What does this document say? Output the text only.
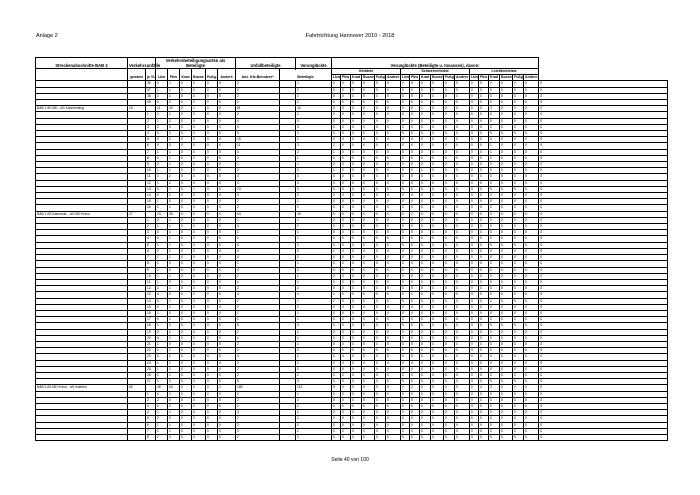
Anlage 2	Fahrtrichtung Hannover 2010 - 2018
Streckenabschnitte BAB 2	Verkehrsunfälle		Verkehrsbeteiligungsarten als Beteiligte						Unfallbeteiligte		Verunglückte	Verunglückte (Beteiligte u. Insassen), davon:																		

	gesamt	je VU	Lkw	Pkw	Krad	Busse	Fußg.	Andere	Anz. Kfz-Benutzer*	Beteiligte		Getötete						Schwerverletzte						Leichtverletzte						
												Lkw	Pkw	Krad	Busse	Fußg.	Andere	Lkw	Pkw	Krad	Busse	Fußg.	Andere	Lkw	Pkw	Krad	Busse	Fußg.	Andere	
		36	0	1	0	0	0	0	2		1	0	0	0	0	0	0	0	0	0	0	0	0	0	0	0	0	0	0	0
		37	1	1	0	0	0	0	2		2	0	0	0	0	0	0	0	0	0	0	0	0	0	0	0	0	0	0	0
		38	1	1	0	0	0	0	2		2	0	0	0	0	0	0	0	0	0	0	0	0	0	0	0	0	0	0	0
		39	0	2	0	0	0	0	2		2	0	0	0	0	0	0	0	0	0	0	0	0	0	0	0	0	0	0	0
BAB 2 AS MD - AS Kannenstieg	15		11	20	0	1	0	0	81		32	5	0	0	0	0	0	0	0	1	0	0	0	0	0	4	0	0	0	0
		1	1	1	0	0	0	0	2		2	0	0	0	0	0	0	0	0	0	0	0	0	0	0	0	0	0	0	0
		2	1	2	0	0	0	0	4		3	0	0	0	0	0	0	0	0	0	0	0	0	0	0	0	0	0	0	0
		3	2	0	0	0	0	0	4		3	0	0	0	0	0	0	0	0	0	0	0	0	0	0	0	0	0	0	0
		4	0	2	0	0	0	0	3		2	0	0	0	0	0	0	0	0	0	0	0	0	0	0	0	0	0	0	0
		5	0	2	0	0	0	0	15		2	0	0	0	0	0	0	0	0	0	0	0	0	0	0	0	0	0	0	0
		6	0	3	0	0	0	0	11		3	2	0	0	0	0	0	0	0	0	0	0	0	0	0	1	0	0	0	0
		7	1	1	0	0	0	0	3		2	1	0	0	0	0	0	0	0	0	0	0	0	0	0	1	0	0	0	0
		8	0	1	0	0	0	0	2		1	0	0	0	0	0	0	0	0	0	0	0	0	0	0	0	0	0	0	0
		9	0	1	0	0	0	0	1		1	0	0	0	0	0	0	0	0	0	0	0	0	0	0	0	0	0	0	0
		10	1	1	0	0	0	0	2		2	1	0	0	0	0	0	0	0	1	0	0	0	0	0	0	0	0	0	0
		11	1	2	0	0	0	0	4		3	0	0	0	0	0	0	0	0	0	0	0	0	0	0	0	0	0	0	0
		12	1	2	0	0	0	0	4		3	0	0	0	0	0	0	0	0	0	0	0	0	0	0	0	0	0	0	0
		13	0	1	0	1	0	0	23		2	0	0	0	0	0	0	0	0	0	0	0	0	0	0	0	0	0	0	0
		14	0	2	0	0	0	0	3		2	2	0	0	0	0	0	0	0	0	0	0	0	0	0	2	0	0	0	0
		15	1	0	0	0	0	0	2		1	0	0	0	0	0	0	0	0	0	0	0	0	0	0	0	0	0	0	0
		16	1	1	0	0	0	0	2		2	0	0	0	0	0	0	0	0	0	0	0	0	0	0	0	0	0	0	0
BAB 2 AS Kannenst. - AS MD Kreuz	27		23	26	0	0	0	0	64		49	5	0	0	0	0	0	0	2	0	0	0	0	0	0	3	0	0	0	0
		1	0	1	0	0	0	0	1		1	0	0	0	0	0	0	0	0	0	0	0	0	0	0	0	0	0	0	0
		2	1	1	0	0	0	0	3		2	0	0	0	0	0	0	0	0	0	0	0	0	0	0	0	0	0	0	0
		3	0	1	0	0	0	0	1		1	0	0	0	0	0	0	0	0	0	0	0	0	0	0	0	0	0	0	0
		4	0	1	0	0	0	0	1		1	0	0	0	0	0	0	0	0	0	0	0	0	0	0	0	0	0	0	0
		5	1	1	0	0	0	0	4		2	0	0	0	0	0	0	0	0	0	0	0	0	0	0	0	0	0	0	0
		6	2	1	0	0	0	0	4		3	1	0	0	0	0	0	0	1	0	0	0	0	0	0	0	0	0	0	0
		7	1	1	0	0	0	0	4		2	0	0	0	0	0	0	0	0	0	0	0	0	0	0	0	0	0	0	0
		8	1	0	0	0	0	0	1		1	0	0	0	0	0	0	0	0	0	0	0	0	0	0	0	0	0	0	0
		9	2	0	0	0	0	0	4		2	0	0	0	0	0	0	0	0	0	0	0	0	0	0	0	0	0	0	0
		10	1	1	0	0	0	0	2		2	0	0	0	0	0	0	0	0	0	0	0	0	0	0	0	0	0	0	0
		11	1	0	0	0	0	0	1		1	0	0	0	0	0	0	0	0	0	0	0	0	0	0	0	0	0	0	0
		12	1	1	0	0	0	0	2		2	0	0	0	0	0	0	0	0	0	0	0	0	0	0	0	0	0	0	0
		13	4	0	0	0	0	0	4		4	1	0	0	0	0	0	0	1	0	0	0	0	0	0	0	0	0	0	0
		14	0	1	0	0	0	0	2		1	2	0	0	0	0	0	0	0	0	0	0	0	0	0	2	0	0	0	0
		15	0	2	0	0	0	0	2		2	0	0	0	0	0	0	0	0	0	0	0	0	0	0	0	0	0	0	0
		16	1	0	0	0	0	0	1		1	0	0	0	0	0	0	0	0	0	0	0	0	0	0	0	0	0	0	0
		17	0	1	0	0	0	0	1		1	0	0	0	0	0	0	0	0	0	0	0	0	0	0	0	0	0	0	0
		18	1	2	0	0	0	0	5		3	0	0	0	0	0	0	0	0	0	0	0	0	0	0	0	0	0	0	0
		19	0	2	0	0	0	0	2		2	0	0	0	0	0	0	0	0	0	0	0	0	0	0	0	0	0	0	0
		20	0	1	0	0	0	0	1		1	0	0	0	0	0	0	0	0	0	0	0	0	0	0	0	0	0	0	0
		21	1	0	0	0	0	0	2		1	0	0	0	0	0	0	0	0	0	0	0	0	0	0	0	0	0	0	0
		22	1	1	0	0	0	0	2		2	0	0	0	0	0	0	0	0	0	0	0	0	0	0	0	0	0	0	0
		23	0	2	0	0	0	0	4		2	0	0	0	0	0	0	0	0	0	0	0	0	0	0	0	0	0	0	0
		24	1	1	0	0	0	0	2		2	0	0	0	0	0	0	0	0	0	0	0	0	0	0	0	0	0	0	0
		25	1	1	0	0	0	0	2		2	0	0	0	0	0	0	0	0	0	0	0	0	0	0	0	0	0	0	0
		26	1	1	0	0	0	0	2		2	0	0	0	0	0	0	0	0	0	0	0	0	0	0	0	0	0	0	0
		27	1	2	0	0	0	0	5		3	0	0	0	0	0	0	0	0	0	0	0	0	0	0	0	0	0	0	0
BAB 2 AS MD Kreuz - AS Irxleben	62		48	64	0	0	0	1	185		113	9	0	0	0	0	0	0	2	0	0	0	0	0	4	3	0	0	0	0
		1	0	1	0	0	0	0	2		1	0	0	0	0	0	0	0	0	0	0	0	0	0	0	0	0	0	0	0
		2	2	0	0	0	0	0	2		2	0	0	0	0	0	0	0	0	0	0	0	0	0	0	0	0	0	0	0
		3	0	2	0	0	0	0	2		2	0	0	0	0	0	0	0	0	0	0	0	0	0	0	0	0	0	0	0
		4	1	1	0	0	0	0	4		2	0	0	0	0	0	0	0	0	0	0	0	0	0	0	0	0	0	0	0
		5	2	0	0	0	0	0	2		2	0	0	0	0	0	0	0	0	0	0	0	0	0	0	0	0	0	0	0
		6	1	1	0	0	0	0	2		2	0	0	0	0	0	0	0	0	0	0	0	0	0	0	0	0	0	0	0
		7	1	1	0	0	0	0	3		2	0	0	0	0	0	0	0	0	0	0	0	0	0	0	0	0	0	0	0
		8	2	0	0	0	0	0	2		2	0	0	0	0	0	0	0	0	0	0	0	0	0	0	0	0	0	0	0
Seite 40 von 100
